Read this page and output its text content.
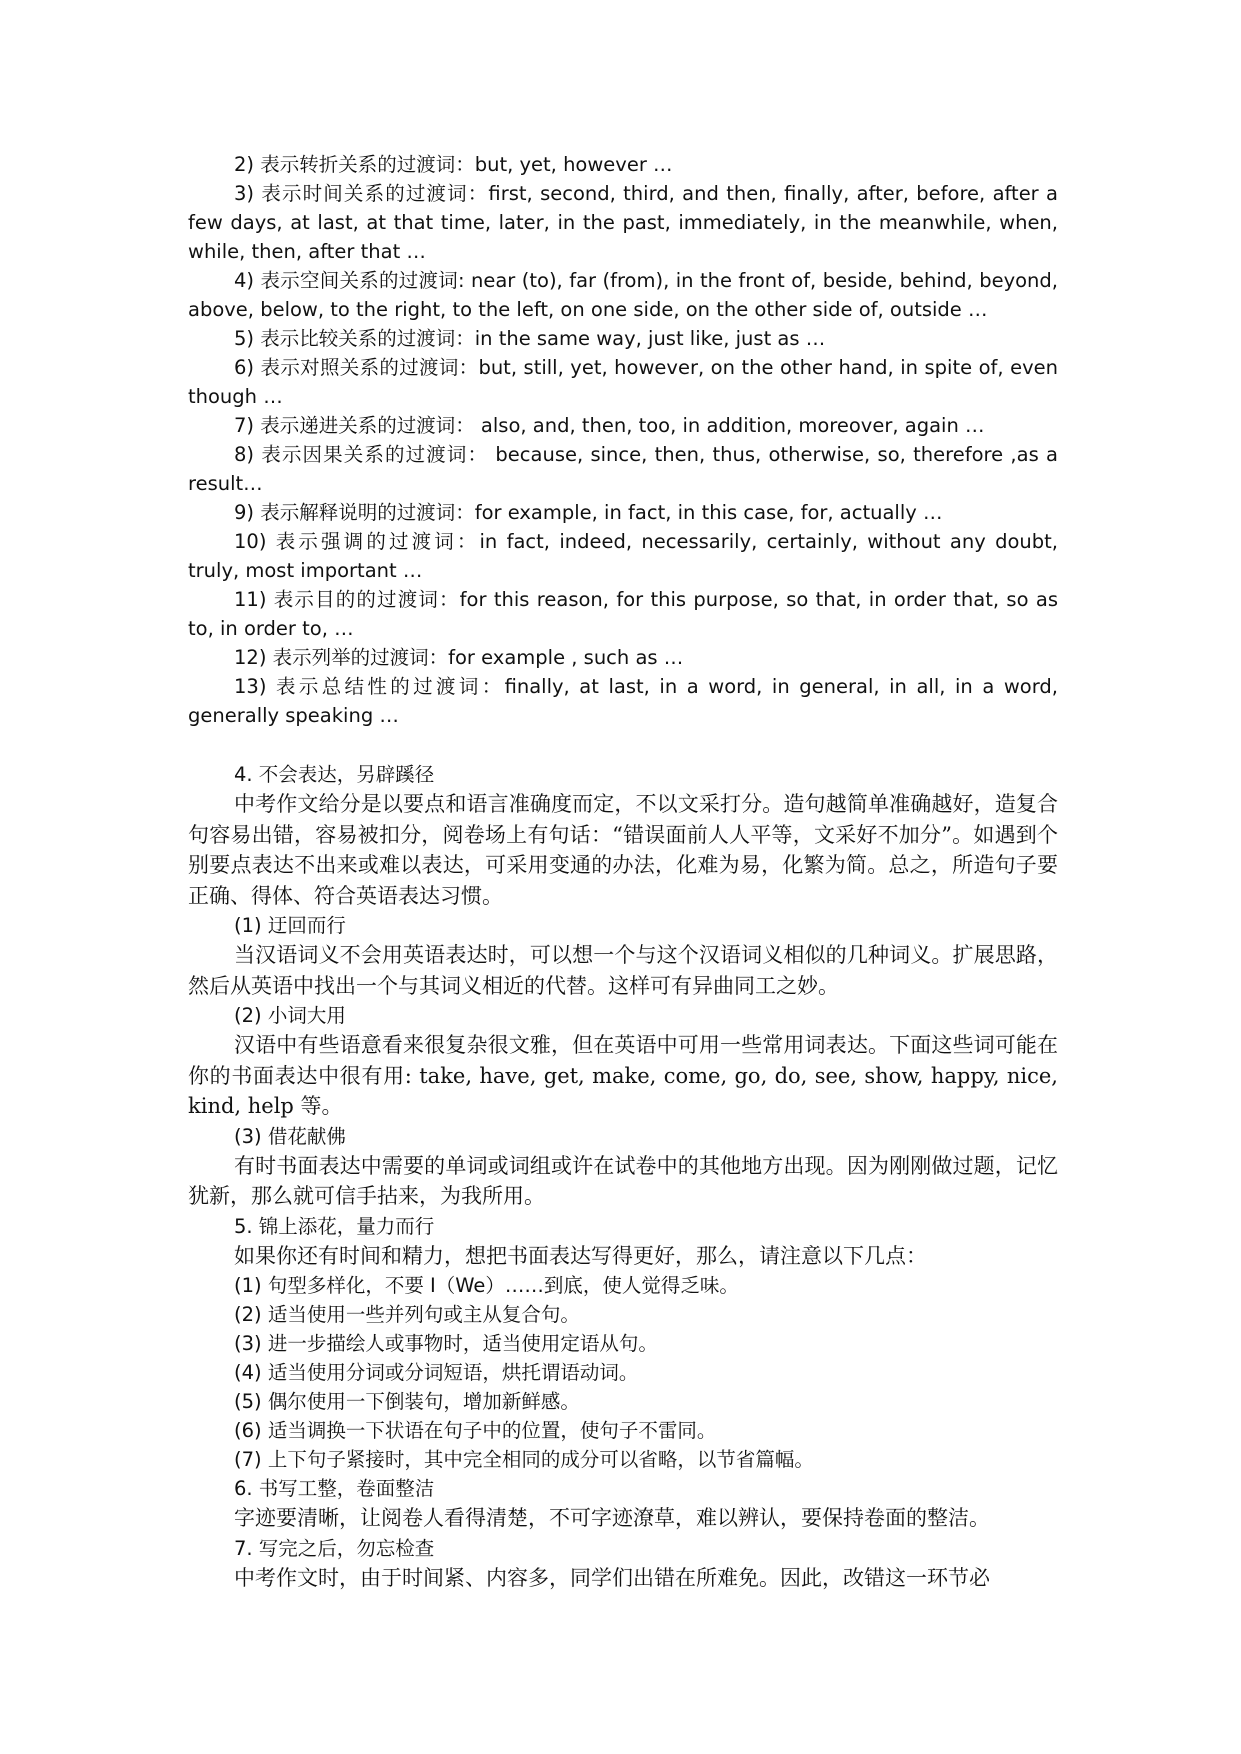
2) 表示转折关系的过渡词：but, yet, however …

3) 表示时间关系的过渡词：first, second, third, and then, finally, after, before, after a few days, at last, at that time, later, in the past, immediately, in the meanwhile, when, while, then, after that …

4) 表示空间关系的过渡词: near (to), far (from), in the front of, beside, behind, beyond, above, below, to the right, to the left, on one side, on the other side of, outside …

5) 表示比较关系的过渡词：in the same way, just like, just as …

6) 表示对照关系的过渡词：but, still, yet, however, on the other hand, in spite of, even though …

7) 表示递进关系的过渡词： also, and, then, too, in addition, moreover, again …

8) 表示因果关系的过渡词： because, since, then, thus, otherwise, so, therefore ,as a result…

9) 表示解释说明的过渡词：for example, in fact, in this case, for, actually …

10) 表示强调的过渡词：in fact, indeed, necessarily, certainly, without any doubt, truly, most important …

11) 表示目的的过渡词：for this reason, for this purpose, so that, in order that, so as to, in order to, …

12) 表示列举的过渡词：for example , such as …

13) 表示总结性的过渡词：finally, at last, in a word, in general, in all, in a word, generally speaking …

4. 不会表达，另辟蹊径

中考作文给分是以要点和语言准确度而定，不以文采打分。造句越简单准确越好，造复合句容易出错，容易被扣分，阅卷场上有句话：“错误面前人人平等，文采好不加分”。如遇到个别要点表达不出来或难以表达，可采用变通的办法，化难为易，化繁为简。总之，所造句子要正确、得体、符合英语表达习惯。

(1) 迂回而行

当汉语词义不会用英语表达时，可以想一个与这个汉语词义相似的几种词义。扩展思路，然后从英语中找出一个与其词义相近的代替。这样可有异曲同工之妙。

(2) 小词大用

汉语中有些语意看来很复杂很文雅，但在英语中可用一些常用词表达。下面这些词可能在你的书面表达中很有用: take, have, get, make, come, go, do, see, show, happy, nice, kind, help 等。

(3) 借花献佛

有时书面表达中需要的单词或词组或许在试卷中的其他地方出现。因为刚刚做过题，记忆犹新，那么就可信手拈来，为我所用。

5. 锦上添花，量力而行

如果你还有时间和精力，想把书面表达写得更好，那么，请注意以下几点：

(1) 句型多样化，不要 I（We）……到底，使人觉得乏味。

(2) 适当使用一些并列句或主从复合句。

(3) 进一步描绘人或事物时，适当使用定语从句。

(4) 适当使用分词或分词短语，烘托谓语动词。

(5) 偶尔使用一下倒装句，增加新鲜感。

(6) 适当调换一下状语在句子中的位置，使句子不雷同。

(7) 上下句子紧接时，其中完全相同的成分可以省略，以节省篇幅。

6. 书写工整，卷面整洁

字迹要清晰，让阅卷人看得清楚，不可字迹潦草，难以辨认，要保持卷面的整洁。

7. 写完之后，勿忘检查

中考作文时，由于时间紧、内容多，同学们出错在所难免。因此，改错这一环节必
